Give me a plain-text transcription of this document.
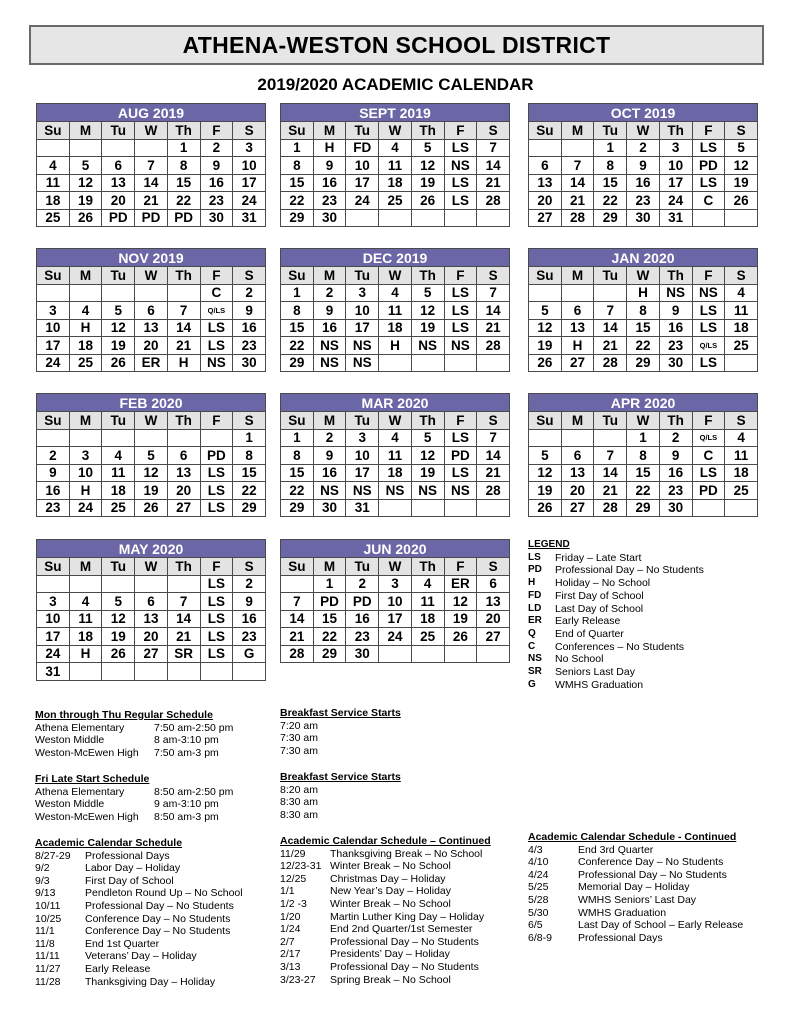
ATHENA-WESTON SCHOOL DISTRICT
2019/2020 ACADEMIC CALENDAR
AUG 2019						
Su	M	Tu	W	Th	F	S
				1	2	3
4	5	6	7	8	9	10
11	12	13	14	15	16	17
18	19	20	21	22	23	24
25	26	PD	PD	PD	30	31
SEPT 2019						
Su	M	Tu	W	Th	F	S
1	H	FD	4	5	LS	7
8	9	10	11	12	NS	14
15	16	17	18	19	LS	21
22	23	24	25	26	LS	28
29	30					
OCT 2019						
Su	M	Tu	W	Th	F	S
		1	2	3	LS	5
6	7	8	9	10	PD	12
13	14	15	16	17	LS	19
20	21	22	23	24	C	26
27	28	29	30	31		
NOV 2019						
Su	M	Tu	W	Th	F	S
					C	2
3	4	5	6	7	Q/LS	9
10	H	12	13	14	LS	16
17	18	19	20	21	LS	23
24	25	26	ER	H	NS	30
DEC 2019						
Su	M	Tu	W	Th	F	S
1	2	3	4	5	LS	7
8	9	10	11	12	LS	14
15	16	17	18	19	LS	21
22	NS	NS	H	NS	NS	28
29	NS	NS				
JAN 2020						
Su	M	Tu	W	Th	F	S
			H	NS	NS	4
5	6	7	8	9	LS	11
12	13	14	15	16	LS	18
19	H	21	22	23	Q/LS	25
26	27	28	29	30	LS	
FEB 2020						
Su	M	Tu	W	Th	F	S
						1
2	3	4	5	6	PD	8
9	10	11	12	13	LS	15
16	H	18	19	20	LS	22
23	24	25	26	27	LS	29
MAR 2020						
Su	M	Tu	W	Th	F	S
1	2	3	4	5	LS	7
8	9	10	11	12	PD	14
15	16	17	18	19	LS	21
22	NS	NS	NS	NS	NS	28
29	30	31				
APR 2020						
Su	M	Tu	W	Th	F	S
			1	2	Q/LS	4
5	6	7	8	9	C	11
12	13	14	15	16	LS	18
19	20	21	22	23	PD	25
26	27	28	29	30		
MAY 2020						
Su	M	Tu	W	Th	F	S
					LS	2
3	4	5	6	7	LS	9
10	11	12	13	14	LS	16
17	18	19	20	21	LS	23
24	H	26	27	SR	LS	G
31						
JUN 2020						
Su	M	Tu	W	Th	F	S
	1	2	3	4	ER	6
7	PD	PD	10	11	12	13
14	15	16	17	18	19	20
21	22	23	24	25	26	27
28	29	30				
LEGEND
LS	Friday – Late Start
PD	Professional Day – No Students
H	Holiday – No School
FD	First Day of School
LD	Last Day of School
ER	Early Release
Q	End of Quarter
C	Conferences – No Students
NS	No School
SR	Seniors Last Day
G	WMHS Graduation
Mon through Thu Regular Schedule
Athena Elementary	7:50 am-2:50 pm
Weston Middle	8 am-3:10 pm
Weston-McEwen High	7:50 am-3 pm
Breakfast Service Starts
7:20 am
7:30 am
7:30 am
Fri Late Start Schedule
Athena Elementary	8:50 am-2:50 pm
Weston Middle	9 am-3:10 pm
Weston-McEwen High	8:50 am-3 pm
Breakfast Service Starts
8:20 am
8:30 am
8:30 am
Academic Calendar Schedule
8/27-29	Professional Days
9/2	Labor Day – Holiday
9/3	First Day of School
9/13	Pendleton Round Up – No School
10/11	Professional Day – No Students
10/25	Conference Day – No Students
11/1	Conference Day – No Students
11/8	End 1st Quarter
11/11	Veterans’ Day – Holiday
11/27	Early Release
11/28	Thanksgiving Day – Holiday
Academic Calendar Schedule – Continued
11/29	Thanksgiving Break – No School
12/23-31 Winter Break – No School
12/25	Christmas Day – Holiday
1/1	New Year’s Day – Holiday
1/2 -3	Winter Break – No School
1/20	Martin Luther King Day – Holiday
1/24	End 2nd Quarter/1st Semester
2/7	Professional Day – No Students
2/17	Presidents’ Day – Holiday
3/13	Professional Day – No Students
3/23-27	Spring Break – No School
Academic Calendar Schedule - Continued
4/3	End 3rd Quarter
4/10	Conference Day – No Students
4/24	Professional Day – No Students
5/25	Memorial Day – Holiday
5/28	WMHS Seniors’ Last Day
5/30	WMHS Graduation
6/5	Last Day of School – Early Release
6/8-9	Professional Days
